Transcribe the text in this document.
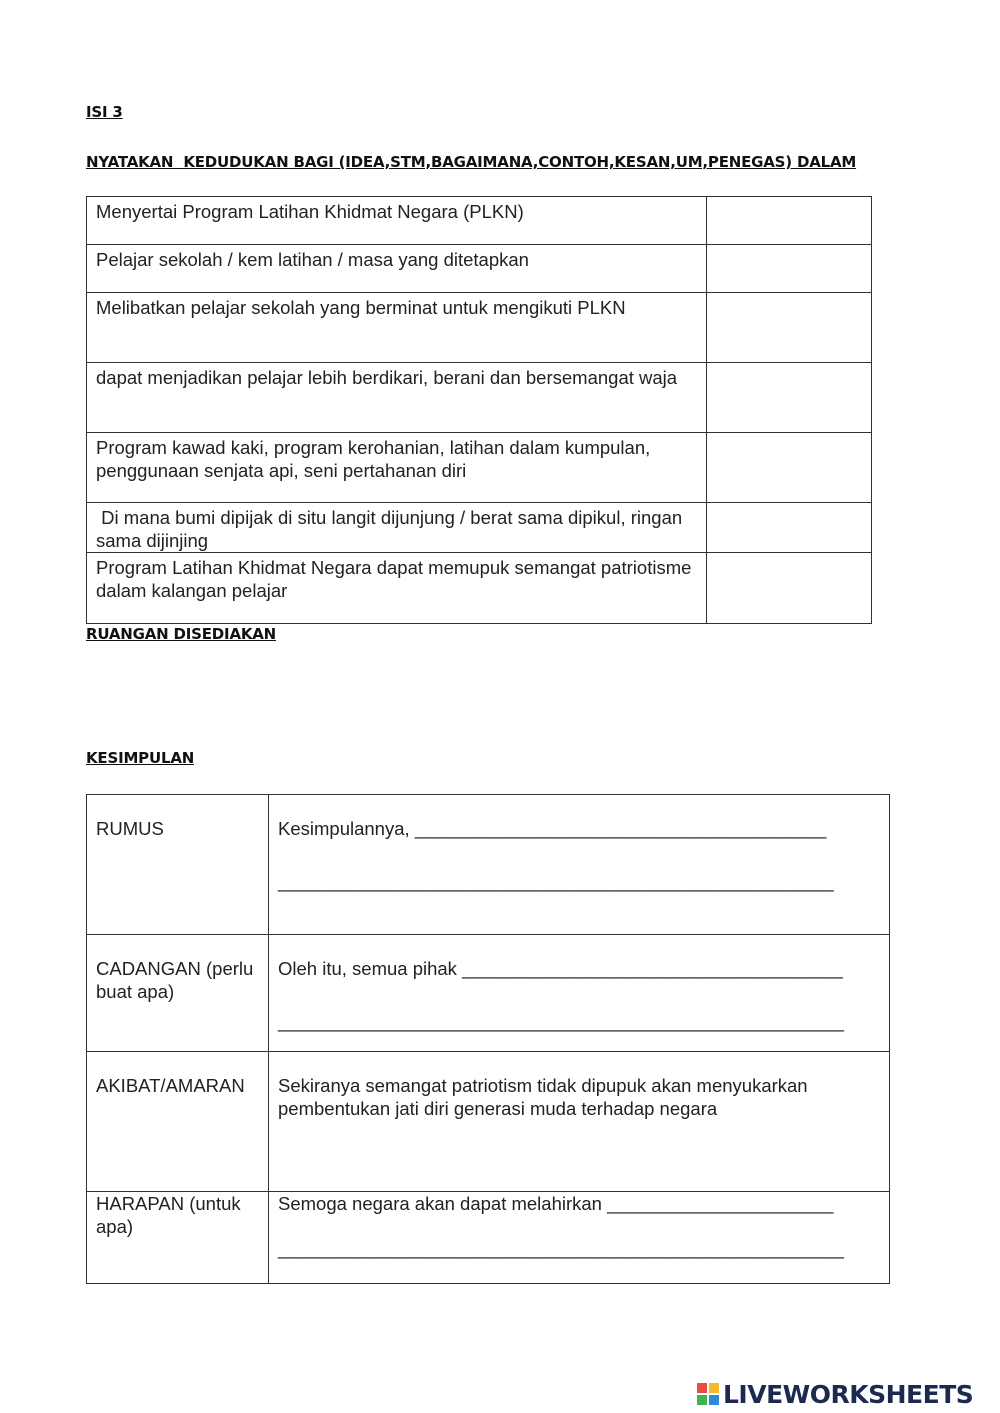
ISI 3
NYATAKAN  KEDUDUKAN BAGI (IDEA,STM,BAGAIMANA,CONTOH,KESAN,UM,PENEGAS) DALAM
Menyertai Program Latihan Khidmat Negara (PLKN)	
Pelajar sekolah / kem latihan / masa yang ditetapkan	
Melibatkan pelajar sekolah yang berminat untuk mengikuti PLKN	
dapat menjadikan pelajar lebih berdikari, berani dan bersemangat waja	
Program kawad kaki, program kerohanian, latihan dalam kumpulan, penggunaan senjata api, seni pertahanan diri	
Di mana bumi dipijak di situ langit dijunjung / berat sama dipikul, ringan sama dijinjing	
Program Latihan Khidmat Negara dapat memupuk semangat patriotisme dalam kalangan pelajar	
RUANGAN DISEDIAKAN
KESIMPULAN
RUMUS	Kesimpulannya, ________________________________________
______________________________________________________

CADANGAN (perlu buat apa)	Oleh itu, semua pihak _____________________________________
_______________________________________________________

AKIBAT/AMARAN	Sekiranya semangat patriotism tidak dipupuk akan menyukarkan pembentukan jati diri generasi muda terhadap negara
HARAPAN (untuk apa)	Semoga negara akan dapat melahirkan ______________________
_______________________________________________________
LIVEWORKSHEETS
